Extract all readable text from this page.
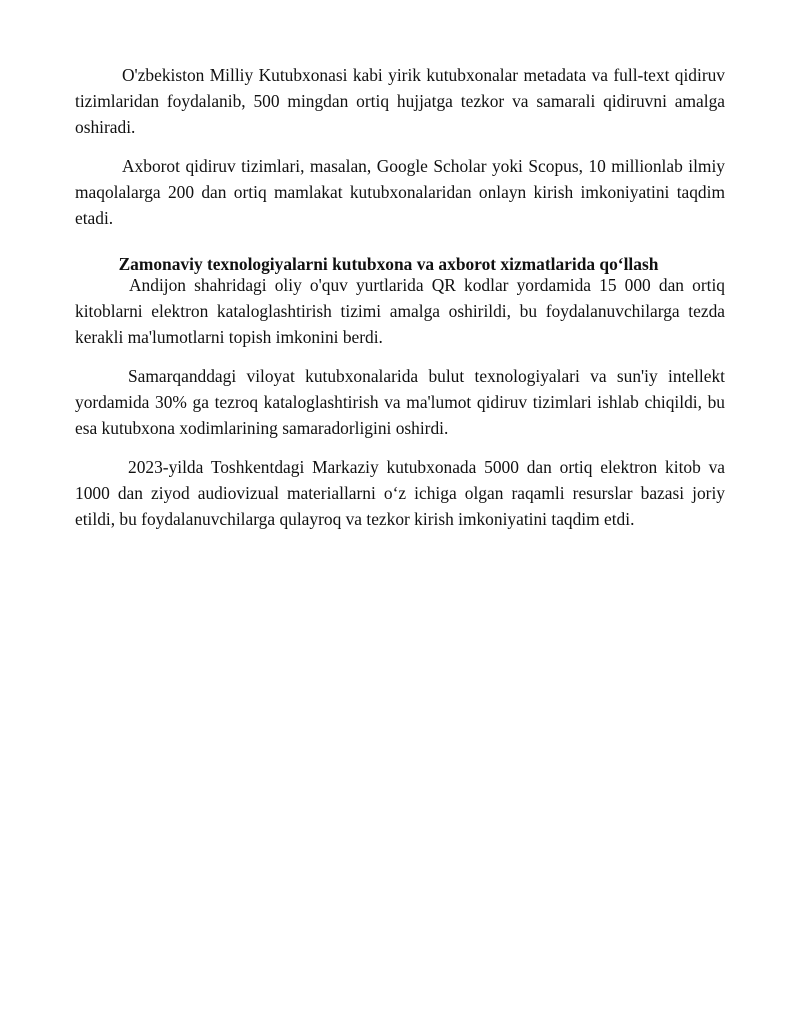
O'zbekiston Milliy Kutubxonasi kabi yirik kutubxonalar metadata va full-text qidiruv tizimlaridan foydalanib, 500 mingdan ortiq hujjatga tezkor va samarali qidiruvni amalga oshiradi.

Axborot qidiruv tizimlari, masalan, Google Scholar yoki Scopus, 10 millionlab ilmiy maqolalarga 200 dan ortiq mamlakat kutubxonalaridan onlayn kirish imkoniyatini taqdim etadi.

Zamonaviy texnologiyalarni kutubxona va axborot xizmatlarida qo‘llash

Andijon shahridagi oliy o'quv yurtlarida QR kodlar yordamida 15 000 dan ortiq kitoblarni elektron kataloglashtirish tizimi amalga oshirildi, bu foydalanuvchilarga tezda kerakli ma'lumotlarni topish imkonini berdi.

Samarqanddagi viloyat kutubxonalarida bulut texnologiyalari va sun'iy intellekt yordamida 30% ga tezroq kataloglashtirish va ma'lumot qidiruv tizimlari ishlab chiqildi, bu esa kutubxona xodimlarining samaradorligini oshirdi.

2023-yilda Toshkentdagi Markaziy kutubxonada 5000 dan ortiq elektron kitob va 1000 dan ziyod audiovizual materiallarni o‘z ichiga olgan raqamli resurslar bazasi joriy etildi, bu foydalanuvchilarga qulayroq va tezkor kirish imkoniyatini taqdim etdi.
